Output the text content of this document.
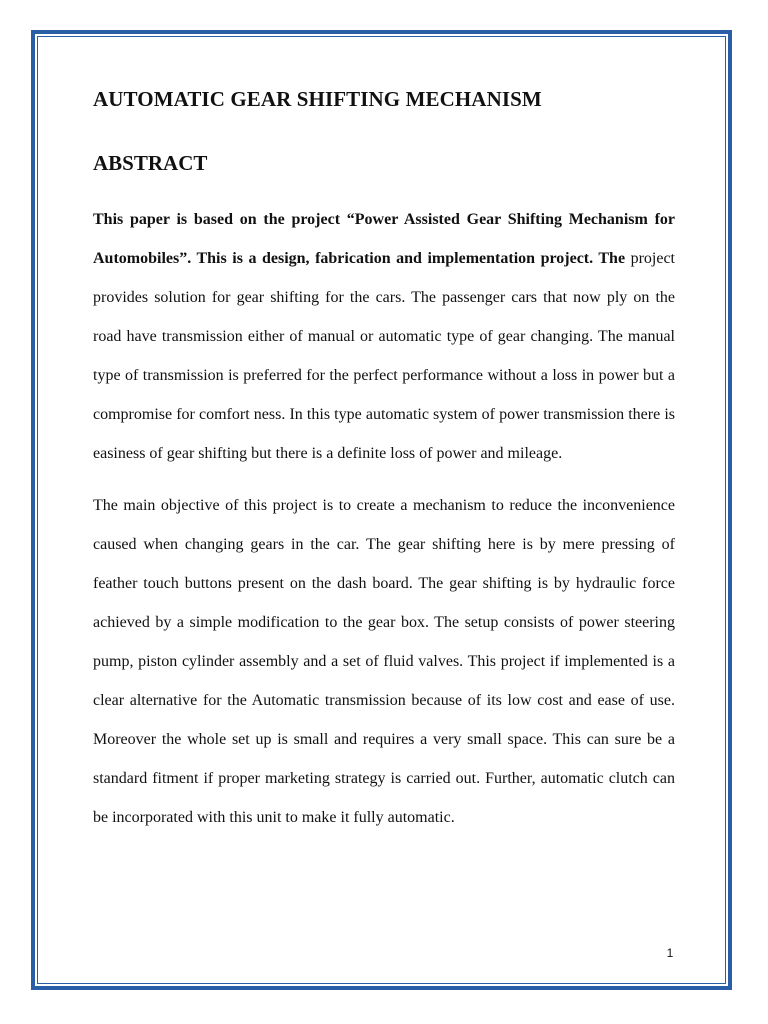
AUTOMATIC GEAR SHIFTING MECHANISM
ABSTRACT

This paper is based on the project “Power Assisted Gear Shifting Mechanism for Automobiles”. This is a design, fabrication and implementation project. The project provides solution for gear shifting for the cars. The passenger cars that now ply on the road have transmission either of manual or automatic type of gear changing. The manual type of transmission is preferred for the perfect performance without a loss in power but a compromise for comfort ness. In this type automatic system of power transmission there is easiness of gear shifting but there is a definite loss of power and mileage.

The main objective of this project is to create a mechanism to reduce the inconvenience caused when changing gears in the car. The gear shifting here is by mere pressing of feather touch buttons present on the dash board. The gear shifting is by hydraulic force achieved by a simple modification to the gear box. The setup consists of power steering pump, piston cylinder assembly and a set of fluid valves. This project if implemented is a clear alternative for the Automatic transmission because of its low cost and ease of use. Moreover the whole set up is small and requires a very small space. This can sure be a standard fitment if proper marketing strategy is carried out. Further, automatic clutch can be incorporated with this unit to make it fully automatic.

1
